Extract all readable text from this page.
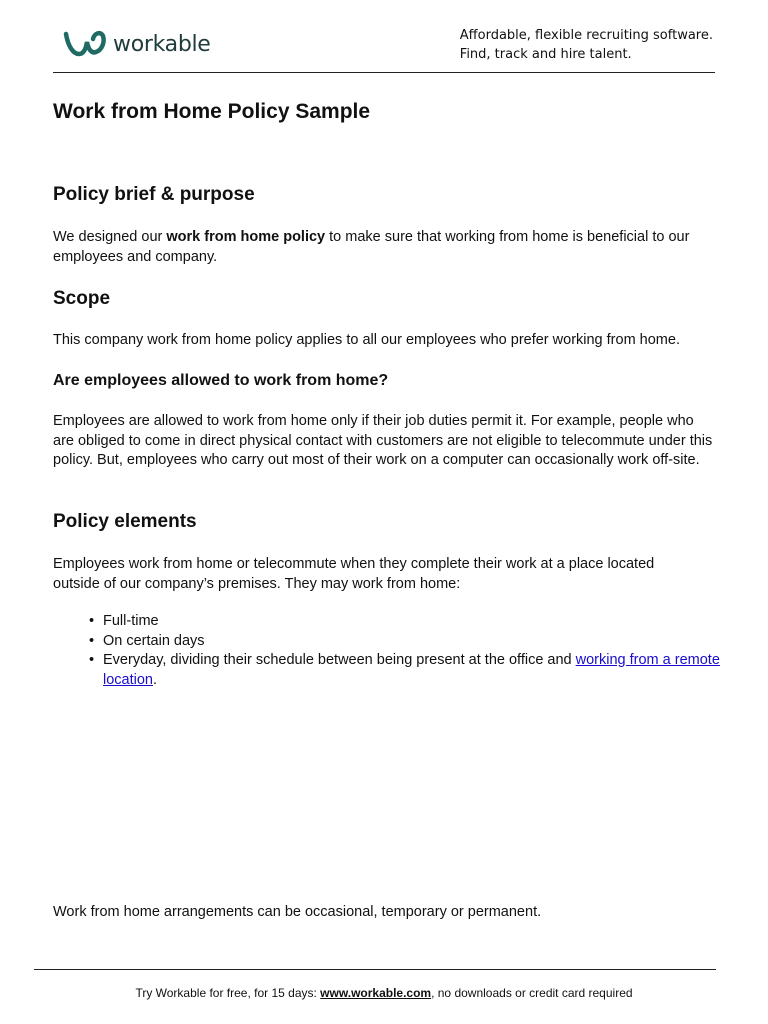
workable	Affordable, flexible recruiting software.
Find, track and hire talent.
Work from Home Policy Sample
Policy brief & purpose

We designed our work from home policy to make sure that working from home is beneficial to our employees and company.

Scope

This company work from home policy applies to all our employees who prefer working from home.

Are employees allowed to work from home?

Employees are allowed to work from home only if their job duties permit it. For example, people who are obliged to come in direct physical contact with customers are not eligible to telecommute under this policy. But, employees who carry out most of their work on a computer can occasionally work off-site.

Policy elements

Employees work from home or telecommute when they complete their work at a place located outside of our company’s premises. They may work from home:

• Full-time
• On certain days
• Everyday, dividing their schedule between being present at the office and working from a remote location.

Work from home arrangements can be occasional, temporary or permanent.

Try Workable for free, for 15 days: www.workable.com, no downloads or credit card required
